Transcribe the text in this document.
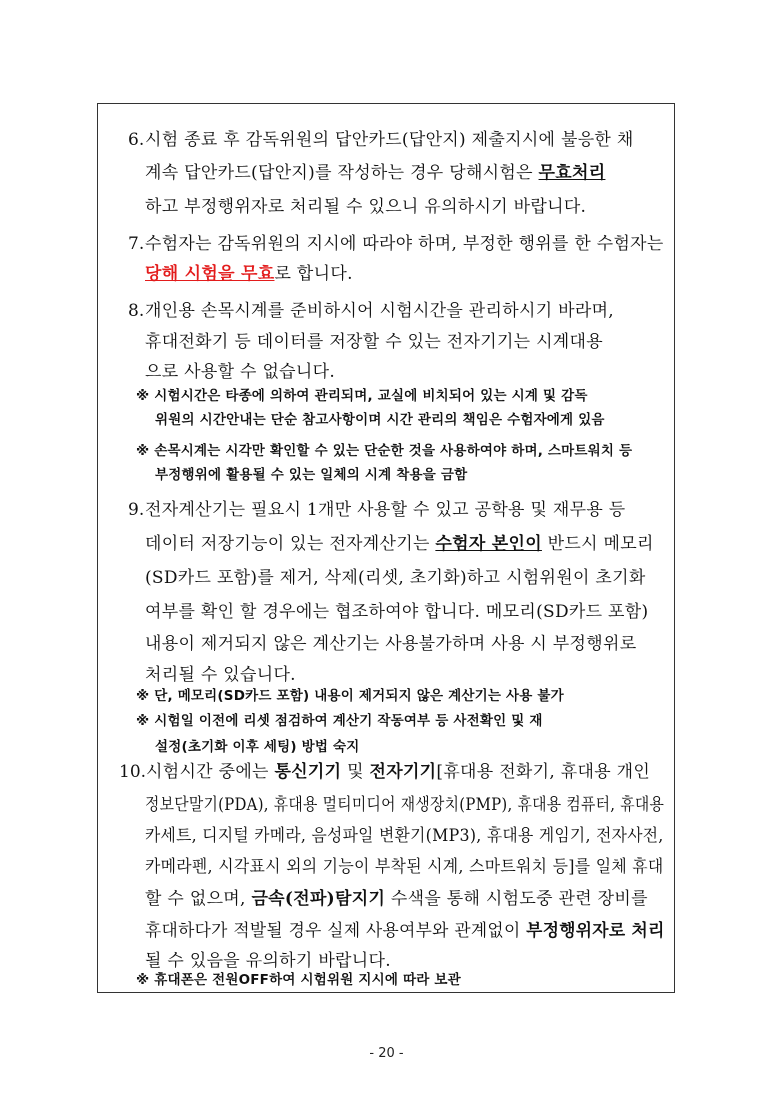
6. 시험 종료 후 감독위원의 답안카드(답안지) 제출지시에 불응한 채
계속 답안카드(답안지)를 작성하는 경우 당해시험은 무효처리
하고 부정행위자로 처리될 수 있으니 유의하시기 바랍니다.
7. 수험자는 감독위원의 지시에 따라야 하며, 부정한 행위를 한 수험자는
당해 시험을 무효로 합니다.
8. 개인용 손목시계를 준비하시어 시험시간을 관리하시기 바라며,
휴대전화기 등 데이터를 저장할 수 있는 전자기기는 시계대용
으로 사용할 수 없습니다.
※ 시험시간은 타종에 의하여 관리되며, 교실에 비치되어 있는 시계 및 감독
위원의 시간안내는 단순 참고사항이며 시간 관리의 책임은 수험자에게 있음
※ 손목시계는 시각만 확인할 수 있는 단순한 것을 사용하여야 하며, 스마트워치 등
부정행위에 활용될 수 있는 일체의 시계 착용을 금함
9. 전자계산기는 필요시 1개만 사용할 수 있고 공학용 및 재무용 등
데이터 저장기능이 있는 전자계산기는 수험자 본인이 반드시 메모리
(SD카드 포함)를 제거, 삭제(리셋, 초기화)하고 시험위원이 초기화
여부를 확인 할 경우에는 협조하여야 합니다. 메모리(SD카드 포함)
내용이 제거되지 않은 계산기는 사용불가하며 사용 시 부정행위로
처리될 수 있습니다.
※ 단, 메모리(SD카드 포함) 내용이 제거되지 않은 계산기는 사용 불가
※ 시험일 이전에 리셋 점검하여 계산기 작동여부 등 사전확인 및 재
설정(초기화 이후 세팅) 방법 숙지
10. 시험시간 중에는 통신기기 및 전자기기[휴대용 전화기, 휴대용 개인
정보단말기(PDA), 휴대용 멀티미디어 재생장치(PMP), 휴대용 컴퓨터, 휴대용
카세트, 디지털 카메라, 음성파일 변환기(MP3), 휴대용 게임기, 전자사전,
카메라펜, 시각표시 외의 기능이 부착된 시계, 스마트워치 등]를 일체 휴대
할 수 없으며, 금속(전파)탐지기 수색을 통해 시험도중 관련 장비를
휴대하다가 적발될 경우 실제 사용여부와 관계없이 부정행위자로 처리
될 수 있음을 유의하기 바랍니다.
※ 휴대폰은 전원OFF하여 시험위원 지시에 따라 보관
- 20 -
